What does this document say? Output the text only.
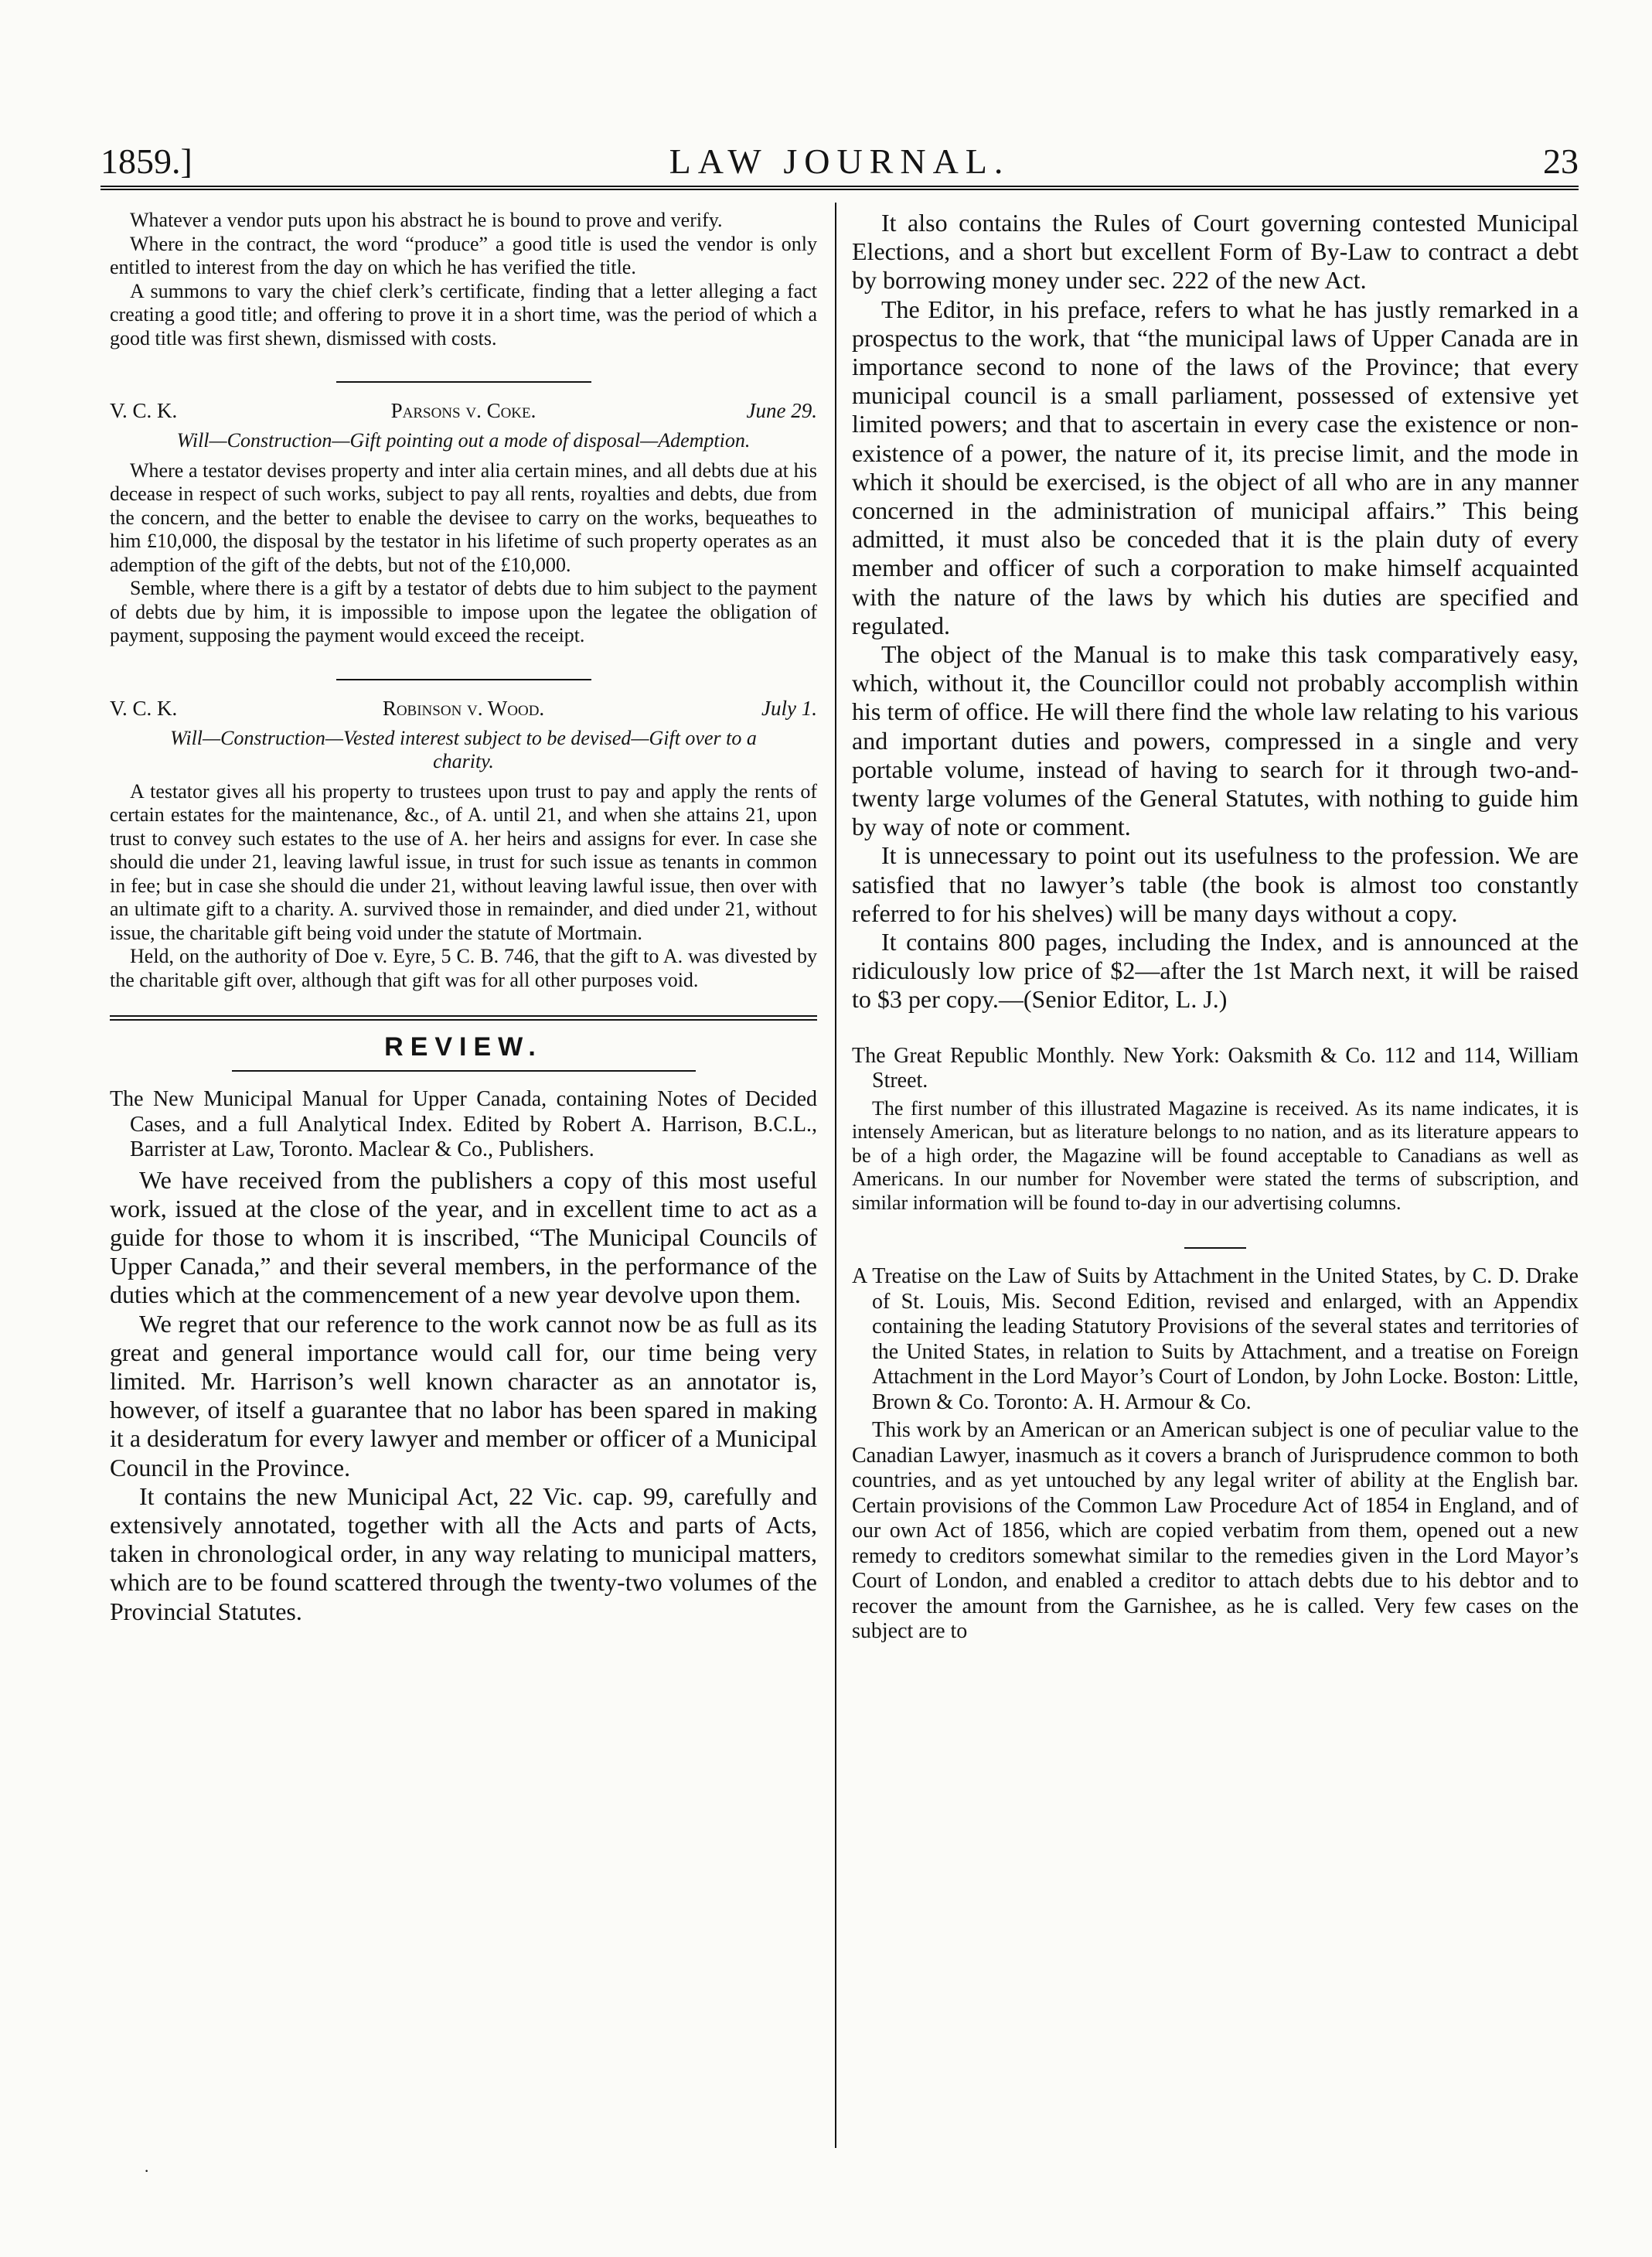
1859.]	LAW JOURNAL.	23

Whatever a vendor puts upon his abstract he is bound to prove and verify.

Where in the contract, the word “produce” a good title is used the vendor is only entitled to interest from the day on which he has verified the title.

A summons to vary the chief clerk’s certificate, finding that a letter alleging a fact creating a good title; and offering to prove it in a short time, was the period of which a good title was first shewn, dismissed with costs.

V. C. K.	Parsons v. Coke.	June 29.
Will—Construction—Gift pointing out a mode of disposal—Ademption.

Where a testator devises property and inter alia certain mines, and all debts due at his decease in respect of such works, subject to pay all rents, royalties and debts, due from the concern, and the better to enable the devisee to carry on the works, bequeathes to him £10,000, the disposal by the testator in his lifetime of such property operates as an ademption of the gift of the debts, but not of the £10,000.

Semble, where there is a gift by a testator of debts due to him subject to the payment of debts due by him, it is impossible to impose upon the legatee the obligation of payment, supposing the payment would exceed the receipt.

V. C. K.	Robinson v. Wood.	July 1.
Will—Construction—Vested interest subject to be devised—Gift over to a charity.

A testator gives all his property to trustees upon trust to pay and apply the rents of certain estates for the maintenance, &c., of A. until 21, and when she attains 21, upon trust to convey such estates to the use of A. her heirs and assigns for ever. In case she should die under 21, leaving lawful issue, in trust for such issue as tenants in common in fee; but in case she should die under 21, without leaving lawful issue, then over with an ultimate gift to a charity. A. survived those in remainder, and died under 21, without issue, the charitable gift being void under the statute of Mortmain.

Held, on the authority of Doe v. Eyre, 5 C. B. 746, that the gift to A. was divested by the charitable gift over, although that gift was for all other purposes void.

REVIEW.

The New Municipal Manual for Upper Canada, containing Notes of Decided Cases, and a full Analytical Index. Edited by Robert A. Harrison, B.C.L., Barrister at Law, Toronto. Maclear & Co., Publishers.

We have received from the publishers a copy of this most useful work, issued at the close of the year, and in excellent time to act as a guide for those to whom it is inscribed, “The Municipal Councils of Upper Canada,” and their several members, in the performance of the duties which at the commencement of a new year devolve upon them.

We regret that our reference to the work cannot now be as full as its great and general importance would call for, our time being very limited. Mr. Harrison’s well known character as an annotator is, however, of itself a guarantee that no labor has been spared in making it a desideratum for every lawyer and member or officer of a Municipal Council in the Province.

It contains the new Municipal Act, 22 Vic. cap. 99, carefully and extensively annotated, together with all the Acts and parts of Acts, taken in chronological order, in any way relating to municipal matters, which are to be found scattered through the twenty-two volumes of the Provincial Statutes.

It also contains the Rules of Court governing contested Municipal Elections, and a short but excellent Form of By-Law to contract a debt by borrowing money under sec. 222 of the new Act.

The Editor, in his preface, refers to what he has justly remarked in a prospectus to the work, that “the municipal laws of Upper Canada are in importance second to none of the laws of the Province; that every municipal council is a small parliament, possessed of extensive yet limited powers; and that to ascertain in every case the existence or non-existence of a power, the nature of it, its precise limit, and the mode in which it should be exercised, is the object of all who are in any manner concerned in the administration of municipal affairs.” This being admitted, it must also be conceded that it is the plain duty of every member and officer of such a corporation to make himself acquainted with the nature of the laws by which his duties are specified and regulated.

The object of the Manual is to make this task comparatively easy, which, without it, the Councillor could not probably accomplish within his term of office. He will there find the whole law relating to his various and important duties and powers, compressed in a single and very portable volume, instead of having to search for it through two-and-twenty large volumes of the General Statutes, with nothing to guide him by way of note or comment.

It is unnecessary to point out its usefulness to the profession. We are satisfied that no lawyer’s table (the book is almost too constantly referred to for his shelves) will be many days without a copy.

It contains 800 pages, including the Index, and is announced at the ridiculously low price of $2—after the 1st March next, it will be raised to $3 per copy.—(Senior Editor, L. J.)

The Great Republic Monthly. New York: Oaksmith & Co. 112 and 114, William Street.

The first number of this illustrated Magazine is received. As its name indicates, it is intensely American, but as literature belongs to no nation, and as its literature appears to be of a high order, the Magazine will be found acceptable to Canadians as well as Americans. In our number for November were stated the terms of subscription, and similar information will be found to-day in our advertising columns.

A Treatise on the Law of Suits by Attachment in the United States, by C. D. Drake of St. Louis, Mis. Second Edition, revised and enlarged, with an Appendix containing the leading Statutory Provisions of the several states and territories of the United States, in relation to Suits by Attachment, and a treatise on Foreign Attachment in the Lord Mayor’s Court of London, by John Locke. Boston: Little, Brown & Co. Toronto: A. H. Armour & Co.

This work by an American or an American subject is one of peculiar value to the Canadian Lawyer, inasmuch as it covers a branch of Jurisprudence common to both countries, and as yet untouched by any legal writer of ability at the English bar. Certain provisions of the Common Law Procedure Act of 1854 in England, and of our own Act of 1856, which are copied verbatim from them, opened out a new remedy to creditors somewhat similar to the remedies given in the Lord Mayor’s Court of London, and enabled a creditor to attach debts due to his debtor and to recover the amount from the Garnishee, as he is called. Very few cases on the subject are to

·
